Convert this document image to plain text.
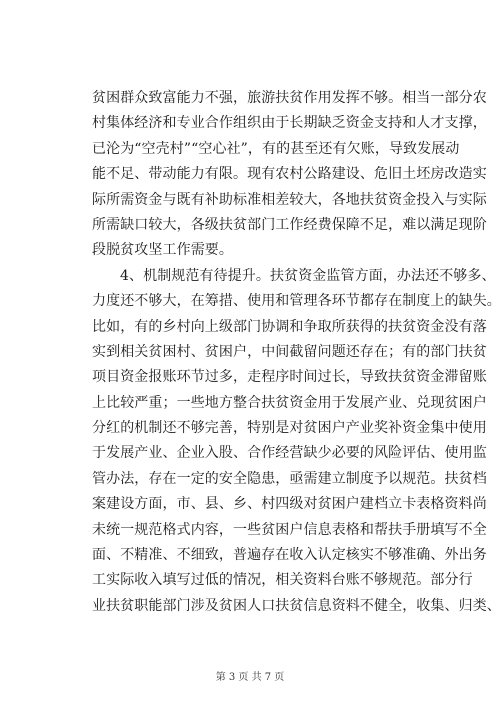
贫困群众致富能力不强，旅游扶贫作用发挥不够。相当一部分农
村集体经济和专业合作组织由于长期缺乏资金支持和人才支撑，
已沦为“空壳村”“空心社”，有的甚至还有欠账，导致发展动
能不足、带动能力有限。现有农村公路建设、危旧土坯房改造实
际所需资金与既有补助标准相差较大，各地扶贫资金投入与实际
所需缺口较大，各级扶贫部门工作经费保障不足，难以满足现阶
段脱贫攻坚工作需要。
4、机制规范有待提升。扶贫资金监管方面，办法还不够多、
力度还不够大，在筹措、使用和管理各环节都存在制度上的缺失。
比如，有的乡村向上级部门协调和争取所获得的扶贫资金没有落
实到相关贫困村、贫困户，中间截留问题还存在；有的部门扶贫
项目资金报账环节过多，走程序时间过长，导致扶贫资金滞留账
上比较严重；一些地方整合扶贫资金用于发展产业、兑现贫困户
分红的机制还不够完善，特别是对贫困户产业奖补资金集中使用
于发展产业、企业入股、合作经营缺少必要的风险评估、使用监
管办法，存在一定的安全隐患，亟需建立制度予以规范。扶贫档
案建设方面，市、县、乡、村四级对贫困户建档立卡表格资料尚
未统一规范格式内容，一些贫困户信息表格和帮扶手册填写不全
面、不精准、不细致，普遍存在收入认定核实不够准确、外出务
工实际收入填写过低的情况，相关资料台账不够规范。部分行
业扶贫职能部门涉及贫困人口扶贫信息资料不健全，收集、归类、
第 3 页 共 7 页
